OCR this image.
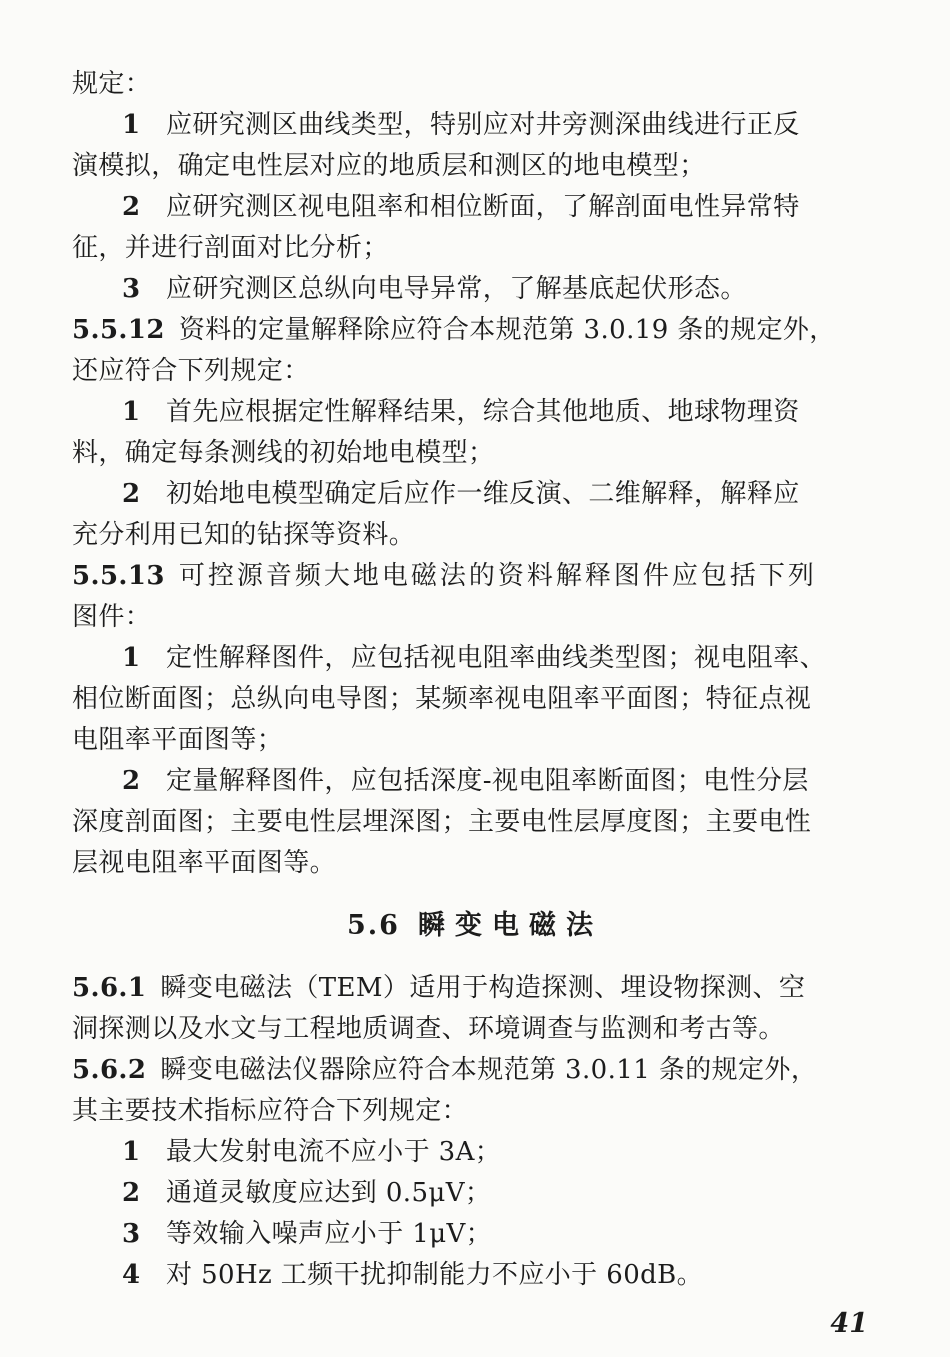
规定：
1 应研究测区曲线类型，特别应对井旁测深曲线进行正反
演模拟，确定电性层对应的地质层和测区的地电模型；
2 应研究测区视电阻率和相位断面，了解剖面电性异常特
征，并进行剖面对比分析；
3 应研究测区总纵向电导异常，了解基底起伏形态。
5.5.12 资料的定量解释除应符合本规范第 3.0.19 条的规定外，
还应符合下列规定：
1 首先应根据定性解释结果，综合其他地质、地球物理资
料，确定每条测线的初始地电模型；
2 初始地电模型确定后应作一维反演、二维解释，解释应
充分利用已知的钻探等资料。
5.5.13 可控源音频大地电磁法的资料解释图件应包括下列
图件：
1 定性解释图件，应包括视电阻率曲线类型图；视电阻率、
相位断面图；总纵向电导图；某频率视电阻率平面图；特征点视
电阻率平面图等；
2 定量解释图件，应包括深度-视电阻率断面图；电性分层
深度剖面图；主要电性层埋深图；主要电性层厚度图；主要电性
层视电阻率平面图等。
5.6 瞬变电磁法
5.6.1 瞬变电磁法（TEM）适用于构造探测、埋设物探测、空
洞探测以及水文与工程地质调查、环境调查与监测和考古等。
5.6.2 瞬变电磁法仪器除应符合本规范第 3.0.11 条的规定外，
其主要技术指标应符合下列规定：
1 最大发射电流不应小于 3A；
2 通道灵敏度应达到 0.5μV；
3 等效输入噪声应小于 1μV；
4 对 50Hz 工频干扰抑制能力不应小于 60dB。
41
